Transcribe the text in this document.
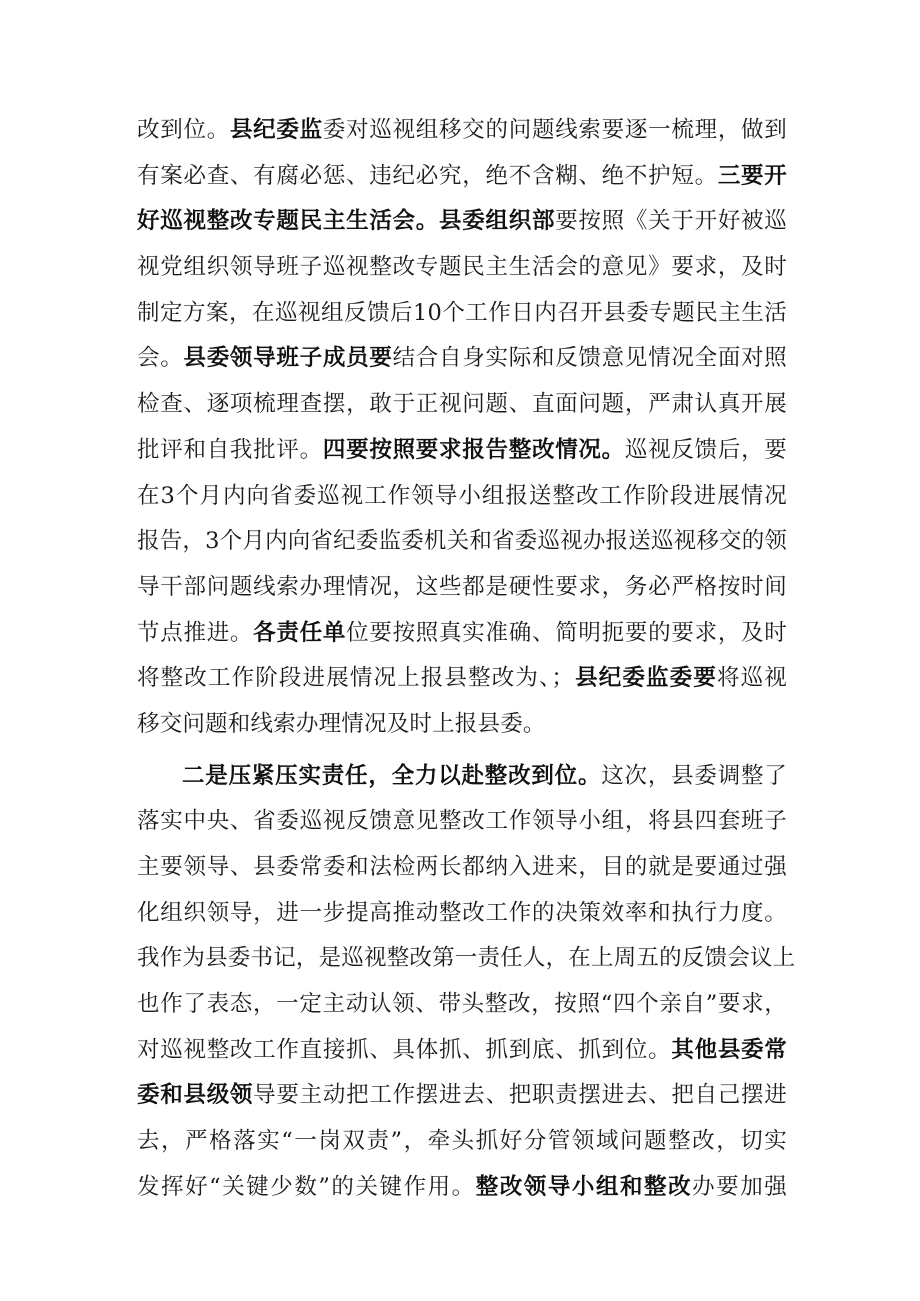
改到位。县纪委监委对巡视组移交的问题线索要逐一梳理，做到
有案必查、有腐必惩、违纪必究，绝不含糊、绝不护短。三要开
好巡视整改专题民主生活会。县委组织部要按照《关于开好被巡
视党组织领导班子巡视整改专题民主生活会的意见》要求，及时
制定方案，在巡视组反馈后10个工作日内召开县委专题民主生活
会。县委领导班子成员要结合自身实际和反馈意见情况全面对照
检查、逐项梳理查摆，敢于正视问题、直面问题，严肃认真开展
批评和自我批评。四要按照要求报告整改情况。巡视反馈后，要
在3个月内向省委巡视工作领导小组报送整改工作阶段进展情况
报告，3个月内向省纪委监委机关和省委巡视办报送巡视移交的领
导干部问题线索办理情况，这些都是硬性要求，务必严格按时间
节点推进。各责任单位要按照真实准确、简明扼要的要求，及时
将整改工作阶段进展情况上报县整改为、；县纪委监委要将巡视
移交问题和线索办理情况及时上报县委。
二是压紧压实责任，全力以赴整改到位。这次，县委调整了
落实中央、省委巡视反馈意见整改工作领导小组，将县四套班子
主要领导、县委常委和法检两长都纳入进来，目的就是要通过强
化组织领导，进一步提高推动整改工作的决策效率和执行力度。
我作为县委书记，是巡视整改第一责任人，在上周五的反馈会议上
也作了表态，一定主动认领、带头整改，按照“四个亲自”要求，
对巡视整改工作直接抓、具体抓、抓到底、抓到位。其他县委常
委和县级领导要主动把工作摆进去、把职责摆进去、把自己摆进
去，严格落实“一岗双责”，牵头抓好分管领域问题整改，切实
发挥好“关键少数”的关键作用。整改领导小组和整改办要加强
